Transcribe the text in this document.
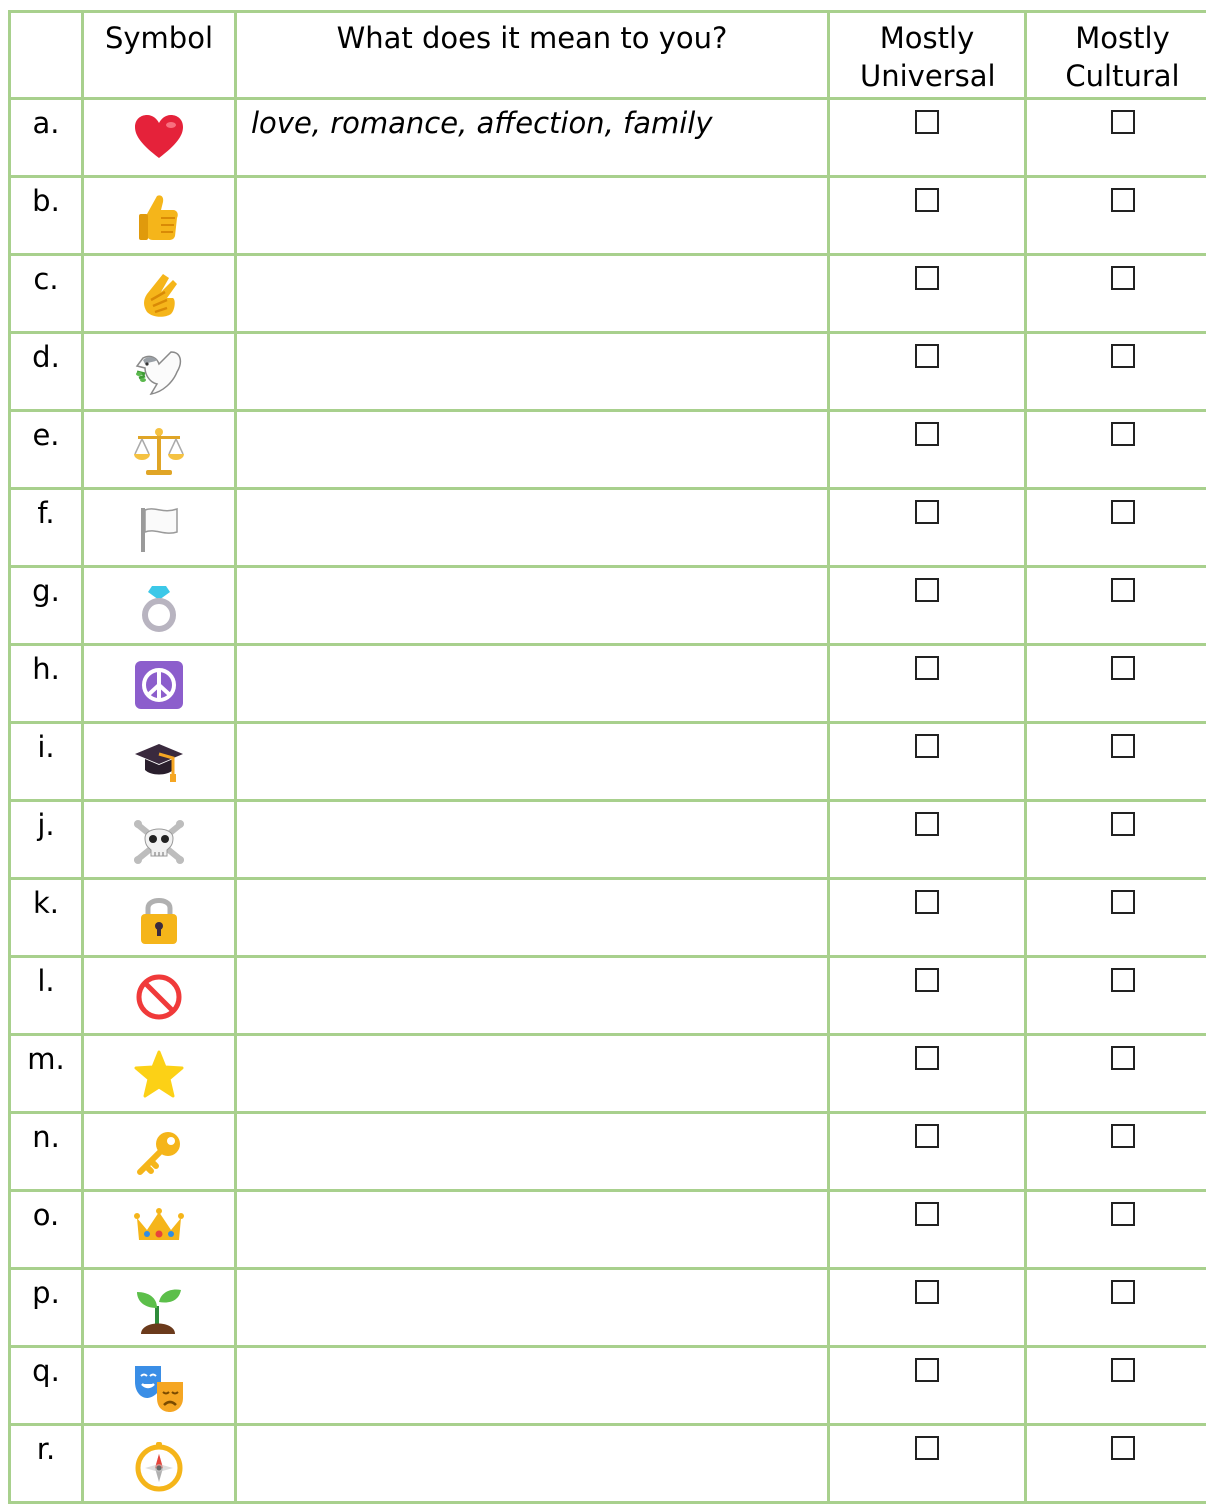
	Symbol	What does it mean to you?	Mostly Universal	Mostly Cultural
a.		love, romance, affection, family		
b.				
c.				
d.				
e.				
f.				
g.				
h.				
i.				
j.				
k.				
l.				
m.				
n.				
o.				
p.				
q.				
r.				
